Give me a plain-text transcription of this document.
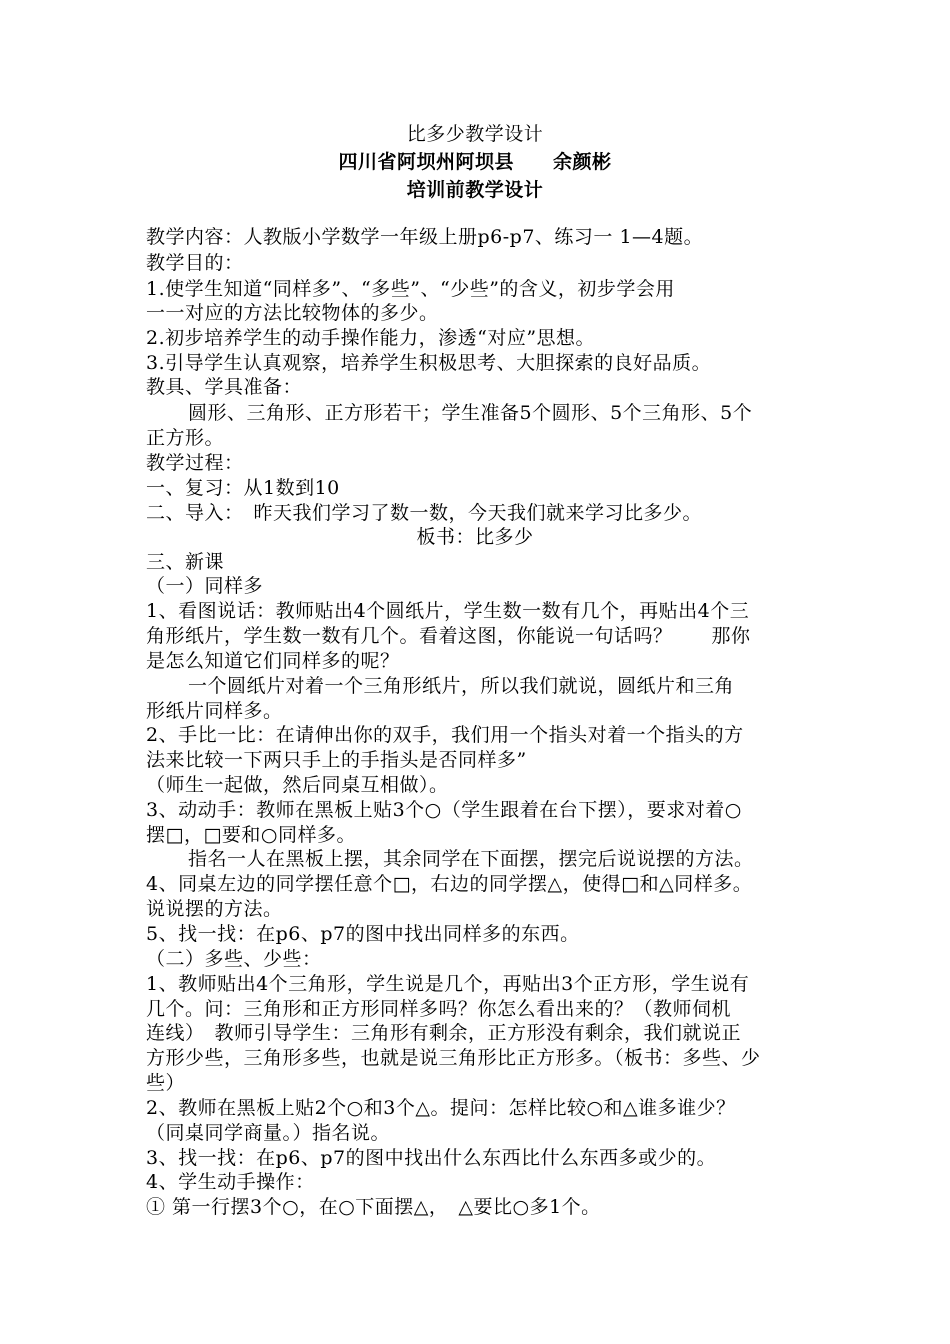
比多少教学设计
四川省阿坝州阿坝县　　余颜彬
培训前教学设计
教学内容：人教版小学数学一年级上册p6-p7、练习一 1—4题。
教学目的：
1.使学生知道“同样多”、“多些”、“少些”的含义，初步学会用
一一对应的方法比较物体的多少。
2.初步培养学生的动手操作能力，渗透“对应”思想。
3.引导学生认真观察，培养学生积极思考、大胆探索的良好品质。
教具、学具准备：
圆形、三角形、正方形若干；学生准备5个圆形、5个三角形、5个
正方形。
教学过程：
一、复习：从1数到10
二、导入：　昨天我们学习了数一数，今天我们就来学习比多少。
板书：比多少
三、新课
（一）同样多
1、看图说话：教师贴出4个圆纸片，学生数一数有几个，再贴出4个三
角形纸片，学生数一数有几个。看着这图，你能说一句话吗？　　那你
是怎么知道它们同样多的呢？
一个圆纸片对着一个三角形纸片，所以我们就说，圆纸片和三角
形纸片同样多。
2、手比一比：在请伸出你的双手，我们用一个指头对着一个指头的方
法来比较一下两只手上的手指头是否同样多”
（师生一起做，然后同桌互相做）。
3、动动手：教师在黑板上贴3个○（学生跟着在台下摆），要求对着○
摆□，□要和○同样多。
指名一人在黑板上摆，其余同学在下面摆，摆完后说说摆的方法。
4、同桌左边的同学摆任意个□，右边的同学摆△，使得□和△同样多。
说说摆的方法。
5、找一找：在p6、p7的图中找出同样多的东西。
（二）多些、少些：
1、教师贴出4个三角形，学生说是几个，再贴出3个正方形，学生说有
几个。问：三角形和正方形同样多吗？你怎么看出来的？（教师伺机
连线）　教师引导学生：三角形有剩余，正方形没有剩余，我们就说正
方形少些，三角形多些，也就是说三角形比正方形多。（板书：多些、少
些）
2、教师在黑板上贴2个○和3个△。提问：怎样比较○和△谁多谁少？
（同桌同学商量。）指名说。
3、找一找：在p6、p7的图中找出什么东西比什么东西多或少的。
4、学生动手操作：
① 第一行摆3个○，在○下面摆△，　△要比○多1个。
